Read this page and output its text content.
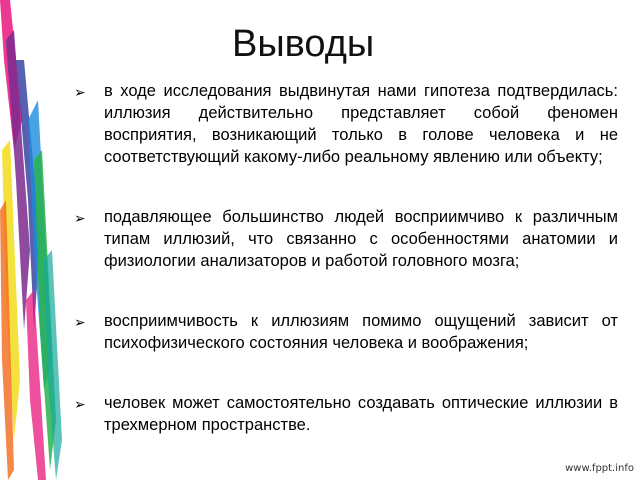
Выводы
➢ в ходе исследования выдвинутая нами гипотеза подтвердилась: иллюзия действительно представляет собой феномен восприятия, возникающий только в голове человека и не соответствующий какому-либо реальному явлению или объекту;
➢ подавляющее большинство людей восприимчиво к различным типам иллюзий, что связанно с особенностями анатомии и физиологии анализаторов и работой головного мозга;
➢ восприимчивость к иллюзиям помимо ощущений зависит от психофизического состояния человека и воображения;
➢ человек может самостоятельно создавать оптические иллюзии в трехмерном пространстве.
www.fppt.info
